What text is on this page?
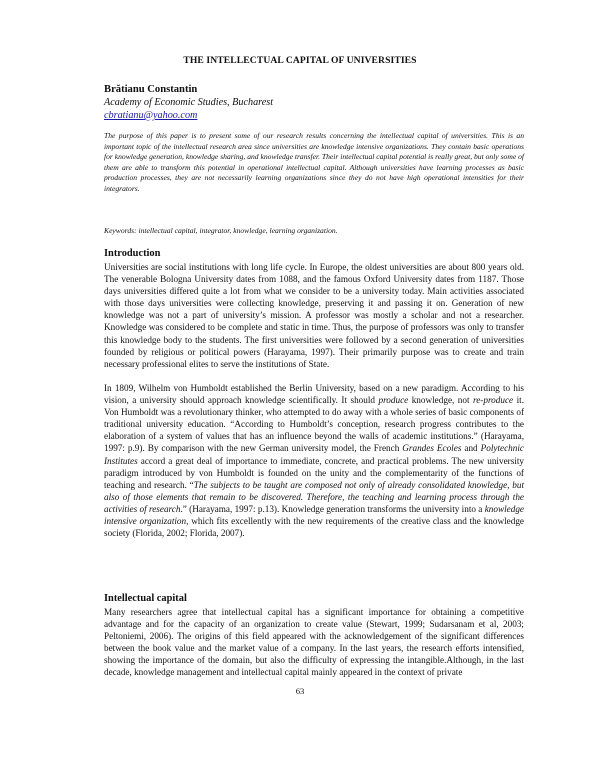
THE INTELLECTUAL CAPITAL OF UNIVERSITIES
Brătianu Constantin
Academy of Economic Studies, Bucharest
cbratianu@yahoo.com

The purpose of this paper is to present some of our research results concerning the intellectual capital of universities. This is an important topic of the intellectual research area since universities are knowledge intensive organizations. They contain basic operations for knowledge generation, knowledge sharing, and knowledge transfer. Their intellectual capital potential is really great, but only some of them are able to transform this potential in operational intellectual capital. Although universities have learning processes as basic production processes, they are not necessarily learning organizations since they do not have high operational intensities for their integrators.

Keywords: intellectual capital, integrator, knowledge, learning organization.

Introduction

Universities are social institutions with long life cycle. In Europe, the oldest universities are about 800 years old. The venerable Bologna University dates from 1088, and the famous Oxford University dates from 1187. Those days universities differed quite a lot from what we consider to be a university today. Main activities associated with those days universities were collecting knowledge, preserving it and passing it on. Generation of new knowledge was not a part of university’s mission. A professor was mostly a scholar and not a researcher. Knowledge was considered to be complete and static in time. Thus, the purpose of professors was only to transfer this knowledge body to the students. The first universities were followed by a second generation of universities founded by religious or political powers (Harayama, 1997). Their primarily purpose was to create and train necessary professional elites to serve the institutions of State.

In 1809, Wilhelm von Humboldt established the Berlin University, based on a new paradigm. According to his vision, a university should approach knowledge scientifically. It should produce knowledge, not re-produce it. Von Humboldt was a revolutionary thinker, who attempted to do away with a whole series of basic components of traditional university education. “According to Humboldt’s conception, research progress contributes to the elaboration of a system of values that has an influence beyond the walls of academic institutions.” (Harayama, 1997: p.9). By comparison with the new German university model, the French Grandes Ecoles and Polytechnic Institutes accord a great deal of importance to immediate, concrete, and practical problems. The new university paradigm introduced by von Humboldt is founded on the unity and the complementarity of the functions of teaching and research. “The subjects to be taught are composed not only of already consolidated knowledge, but also of those elements that remain to be discovered. Therefore, the teaching and learning process through the activities of research.” (Harayama, 1997: p.13). Knowledge generation transforms the university into a knowledge intensive organization, which fits excellently with the new requirements of the creative class and the knowledge society (Florida, 2002; Florida, 2007).

Intellectual capital

Many researchers agree that intellectual capital has a significant importance for obtaining a competitive advantage and for the capacity of an organization to create value (Stewart, 1999; Sudarsanam et al, 2003; Peltoniemi, 2006). The origins of this field appeared with the acknowledgement of the significant differences between the book value and the market value of a company. In the last years, the research efforts intensified, showing the importance of the domain, but also the difficulty of expressing the intangible.Although, in the last decade, knowledge management and intellectual capital mainly appeared in the context of private

63
